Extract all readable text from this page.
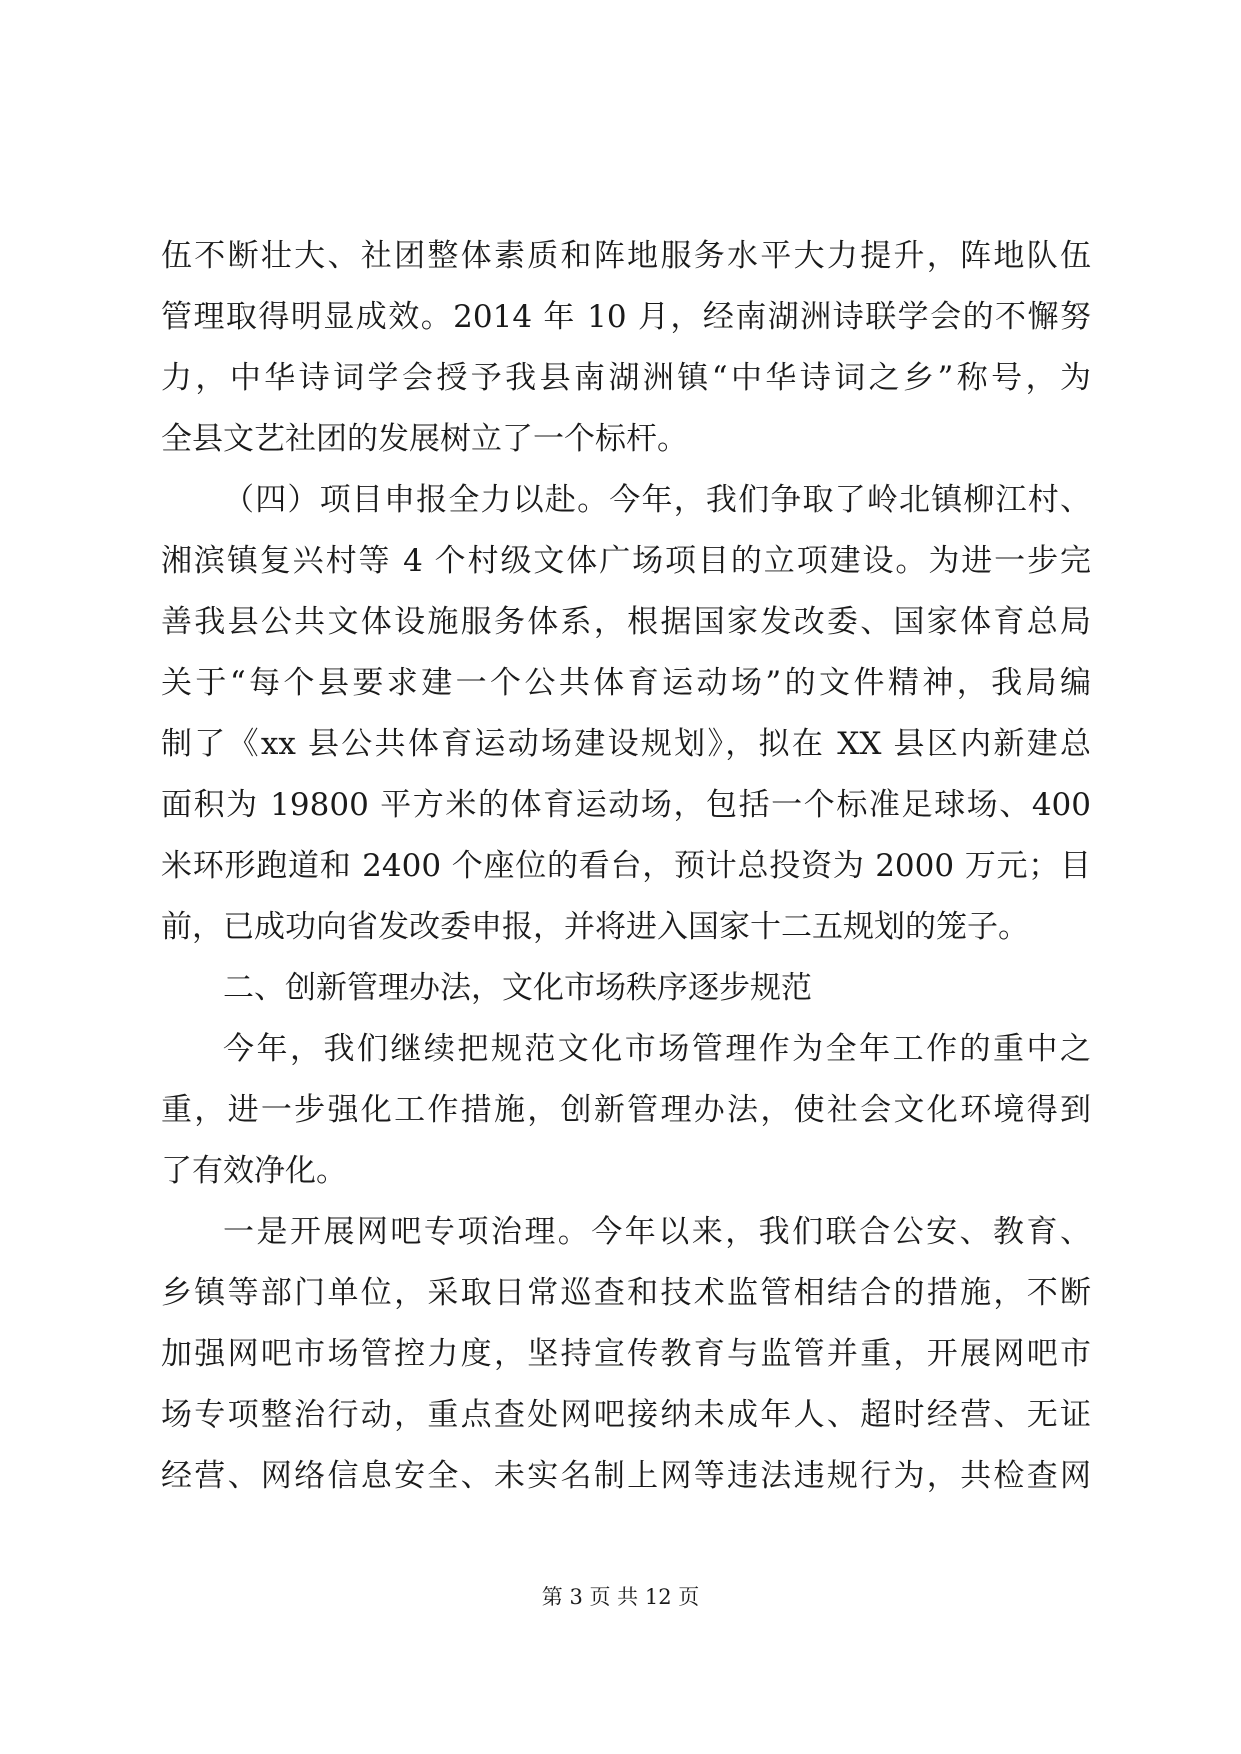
伍不断壮大、社团整体素质和阵地服务水平大力提升，阵地队伍
管理取得明显成效。2014 年 10 月，经南湖洲诗联学会的不懈努
力，中华诗词学会授予我县南湖洲镇“中华诗词之乡”称号，为
全县文艺社团的发展树立了一个标杆。
（四）项目申报全力以赴。今年，我们争取了岭北镇柳江村、
湘滨镇复兴村等 4 个村级文体广场项目的立项建设。为进一步完
善我县公共文体设施服务体系，根据国家发改委、国家体育总局
关于“每个县要求建一个公共体育运动场”的文件精神，我局编
制了《xx 县公共体育运动场建设规划》，拟在 XX 县区内新建总
面积为 19800 平方米的体育运动场，包括一个标准足球场、400
米环形跑道和 2400 个座位的看台，预计总投资为 2000 万元；目
前，已成功向省发改委申报，并将进入国家十二五规划的笼子。
二、创新管理办法，文化市场秩序逐步规范
今年，我们继续把规范文化市场管理作为全年工作的重中之
重，进一步强化工作措施，创新管理办法，使社会文化环境得到
了有效净化。
一是开展网吧专项治理。今年以来，我们联合公安、教育、
乡镇等部门单位，采取日常巡查和技术监管相结合的措施，不断
加强网吧市场管控力度，坚持宣传教育与监管并重，开展网吧市
场专项整治行动，重点查处网吧接纳未成年人、超时经营、无证
经营、网络信息安全、未实名制上网等违法违规行为，共检查网
第 3 页 共 12 页
